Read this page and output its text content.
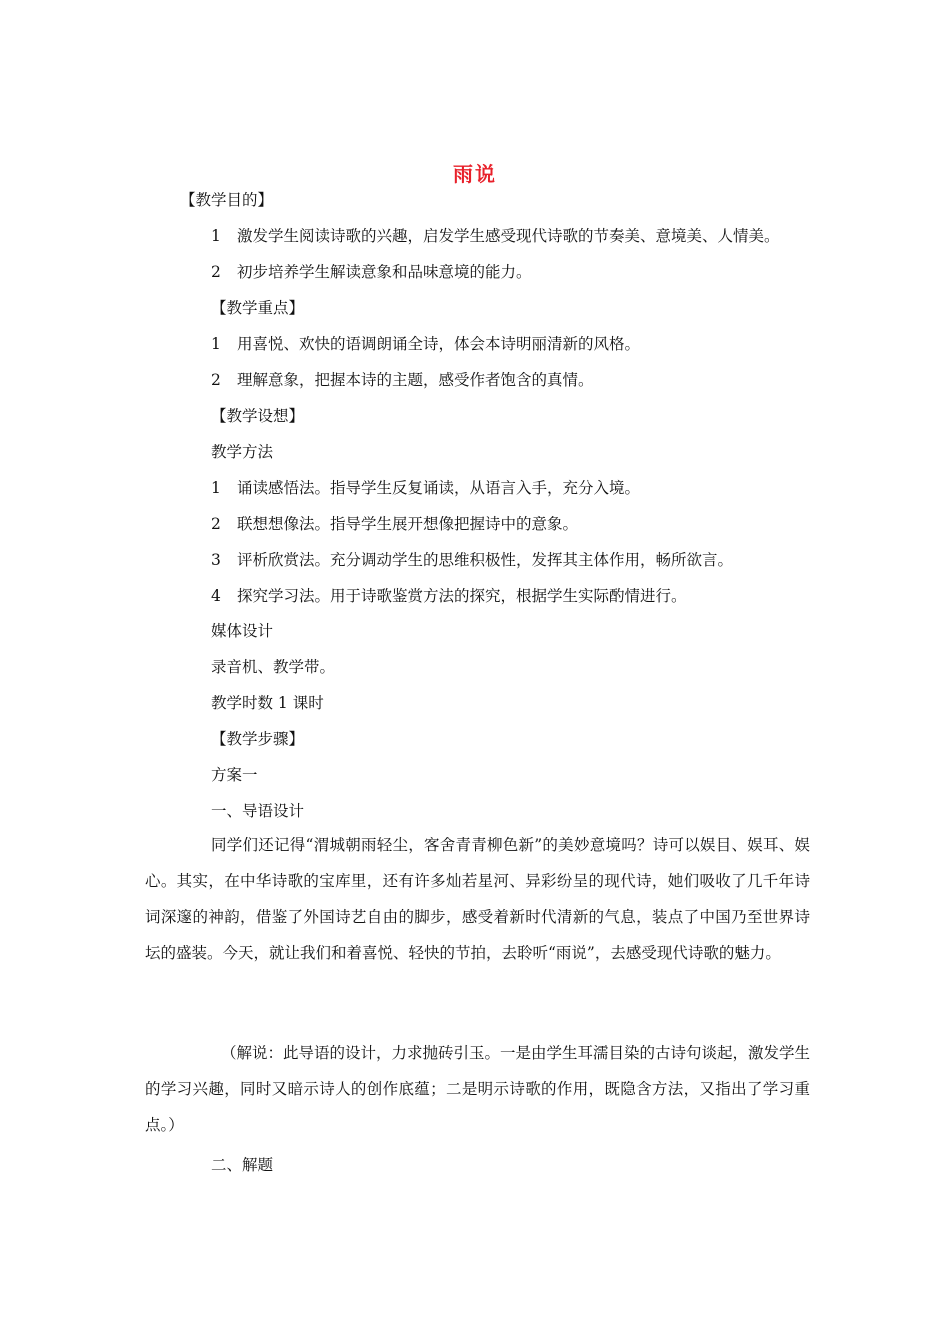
雨说
【教学目的】
1 激发学生阅读诗歌的兴趣，启发学生感受现代诗歌的节奏美、意境美、人情美。
2 初步培养学生解读意象和品味意境的能力。
【教学重点】
1 用喜悦、欢快的语调朗诵全诗，体会本诗明丽清新的风格。
2 理解意象，把握本诗的主题，感受作者饱含的真情。
【教学设想】
教学方法
1 诵读感悟法。指导学生反复诵读，从语言入手，充分入境。
2 联想想像法。指导学生展开想像把握诗中的意象。
3 评析欣赏法。充分调动学生的思维积极性，发挥其主体作用，畅所欲言。
4 探究学习法。用于诗歌鉴赏方法的探究，根据学生实际酌情进行。
媒体设计
录音机、教学带。
教学时数 1 课时
【教学步骤】
方案一
一、导语设计
同学们还记得“渭城朝雨轻尘，客舍青青柳色新”的美妙意境吗？诗可以娱目、娱耳、娱心。其实，在中华诗歌的宝库里，还有许多灿若星河、异彩纷呈的现代诗，她们吸收了几千年诗词深邃的神韵，借鉴了外国诗艺自由的脚步，感受着新时代清新的气息，装点了中国乃至世界诗坛的盛装。今天，就让我们和着喜悦、轻快的节拍，去聆听“雨说”，去感受现代诗歌的魅力。
（解说：此导语的设计，力求抛砖引玉。一是由学生耳濡目染的古诗句谈起，激发学生的学习兴趣，同时又暗示诗人的创作底蕴；二是明示诗歌的作用，既隐含方法，又指出了学习重点。）
二、解题
